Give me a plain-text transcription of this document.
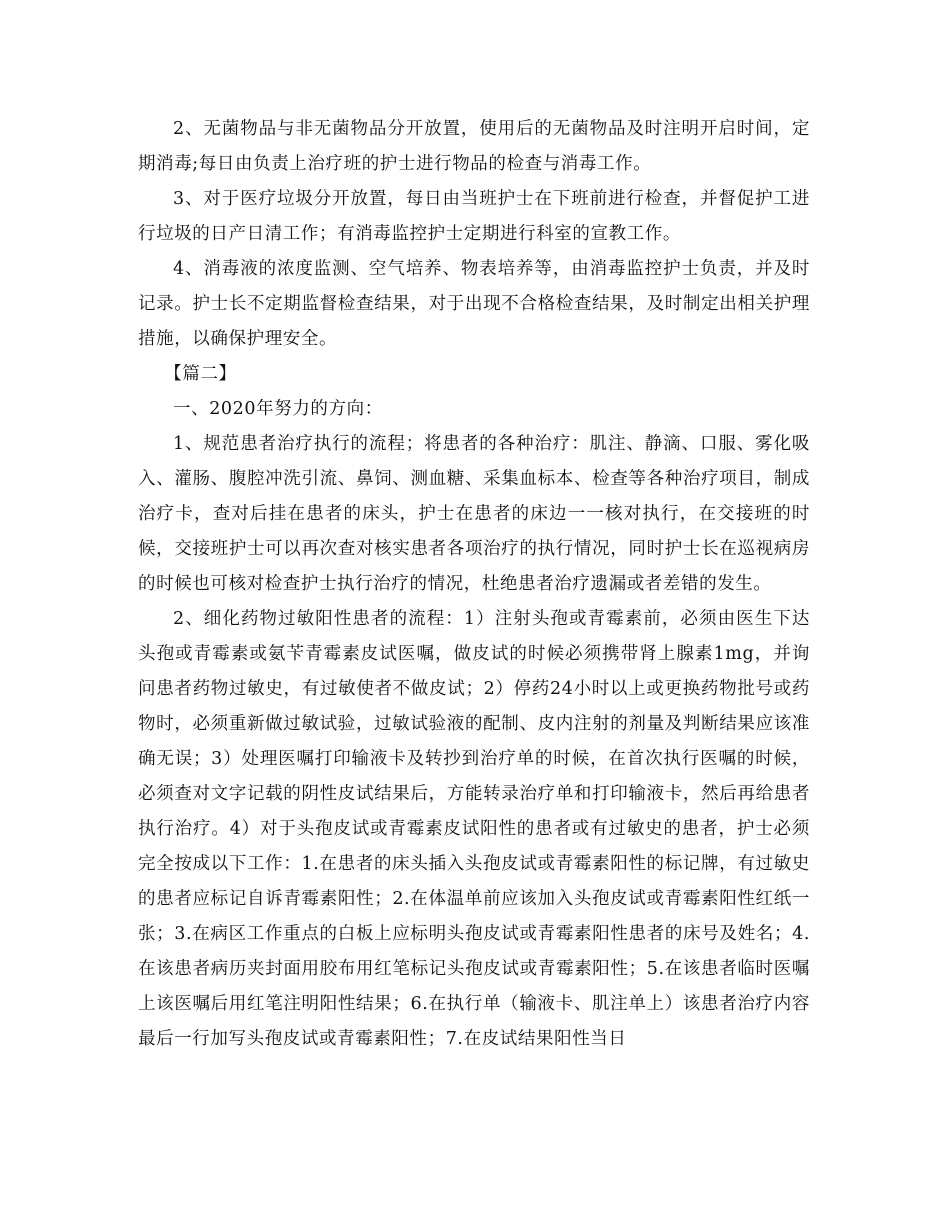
2、无菌物品与非无菌物品分开放置，使用后的无菌物品及时注明开启时间，定期消毒;每日由负责上治疗班的护士进行物品的检查与消毒工作。

3、对于医疗垃圾分开放置，每日由当班护士在下班前进行检查，并督促护工进行垃圾的日产日清工作；有消毒监控护士定期进行科室的宣教工作。

4、消毒液的浓度监测、空气培养、物表培养等，由消毒监控护士负责，并及时记录。护士长不定期监督检查结果，对于出现不合格检查结果，及时制定出相关护理措施，以确保护理安全。

【篇二】

一、2020年努力的方向：

1、规范患者治疗执行的流程；将患者的各种治疗：肌注、静滴、口服、雾化吸入、灌肠、腹腔冲洗引流、鼻饲、测血糖、采集血标本、检查等各种治疗项目，制成治疗卡，查对后挂在患者的床头，护士在患者的床边一一核对执行，在交接班的时候，交接班护士可以再次查对核实患者各项治疗的执行情况，同时护士长在巡视病房的时候也可核对检查护士执行治疗的情况，杜绝患者治疗遗漏或者差错的发生。

2、细化药物过敏阳性患者的流程：1）注射头孢或青霉素前，必须由医生下达头孢或青霉素或氨苄青霉素皮试医嘱，做皮试的时候必须携带肾上腺素1mg，并询问患者药物过敏史，有过敏使者不做皮试；2）停药24小时以上或更换药物批号或药物时，必须重新做过敏试验，过敏试验液的配制、皮内注射的剂量及判断结果应该准确无误；3）处理医嘱打印输液卡及转抄到治疗单的时候，在首次执行医嘱的时候，必须查对文字记载的阴性皮试结果后，方能转录治疗单和打印输液卡，然后再给患者执行治疗。4）对于头孢皮试或青霉素皮试阳性的患者或有过敏史的患者，护士必须完全按成以下工作：1.在患者的床头插入头孢皮试或青霉素阳性的标记牌，有过敏史的患者应标记自诉青霉素阳性；2.在体温单前应该加入头孢皮试或青霉素阳性红纸一张；3.在病区工作重点的白板上应标明头孢皮试或青霉素阳性患者的床号及姓名；4.在该患者病历夹封面用胶布用红笔标记头孢皮试或青霉素阳性；5.在该患者临时医嘱上该医嘱后用红笔注明阳性结果；6.在执行单（输液卡、肌注单上）该患者治疗内容最后一行加写头孢皮试或青霉素阳性；7.在皮试结果阳性当日
